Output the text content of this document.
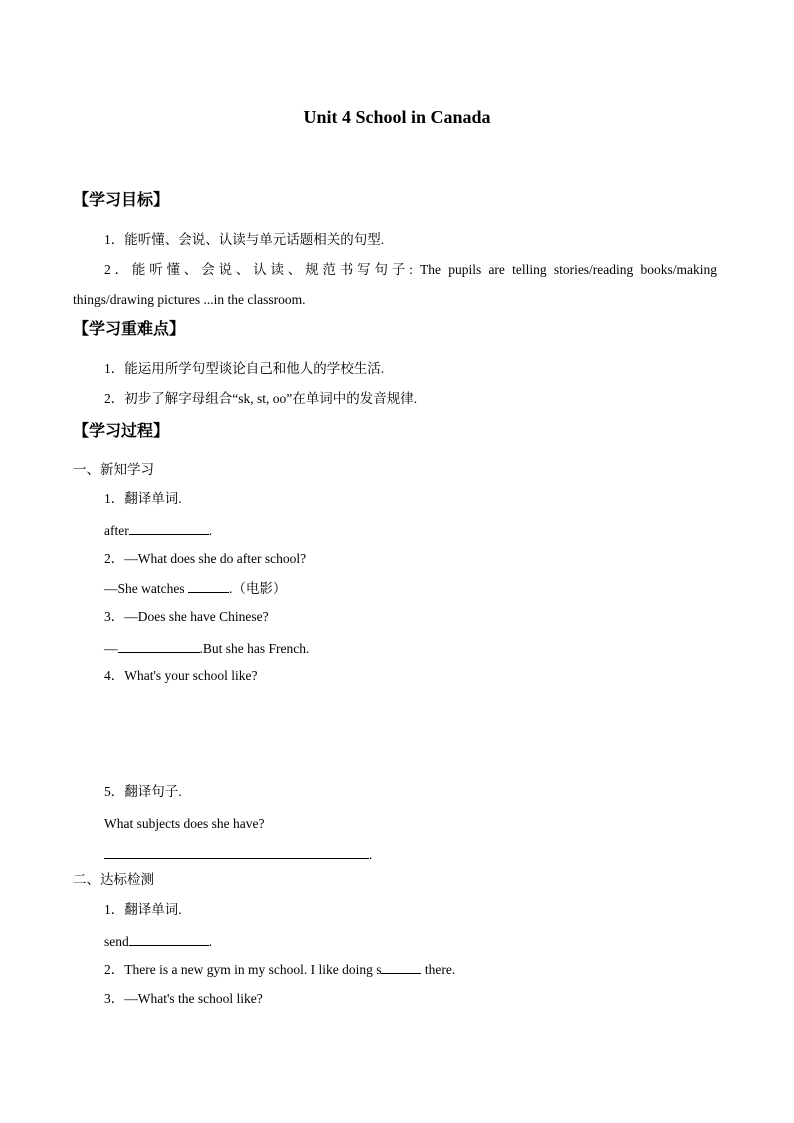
Unit 4 School in Canada
【学习目标】
1．能听懂、会说、认读与单元话题相关的句型.
2．能听懂、会说、认读、规范书写句子: The pupils are telling stories/reading books/making
things/drawing pictures ...in the classroom.
【学习重难点】
1．能运用所学句型谈论自己和他人的学校生活.
2．初步了解字母组合“sk, st, oo”在单词中的发音规律.
【学习过程】
一、新知学习
1．翻译单词.
after	.
2．—What does she do after school?
—She watches	.（电影）
3．—Does she have Chinese?
—	.But she has French.
4．What's your school like?
5．翻译句子.
What subjects does she have?
.
二、达标检测
1．翻译单词.
send	.
2．There is a new gym in my school. I like doing s	there.
3．—What's the school like?
